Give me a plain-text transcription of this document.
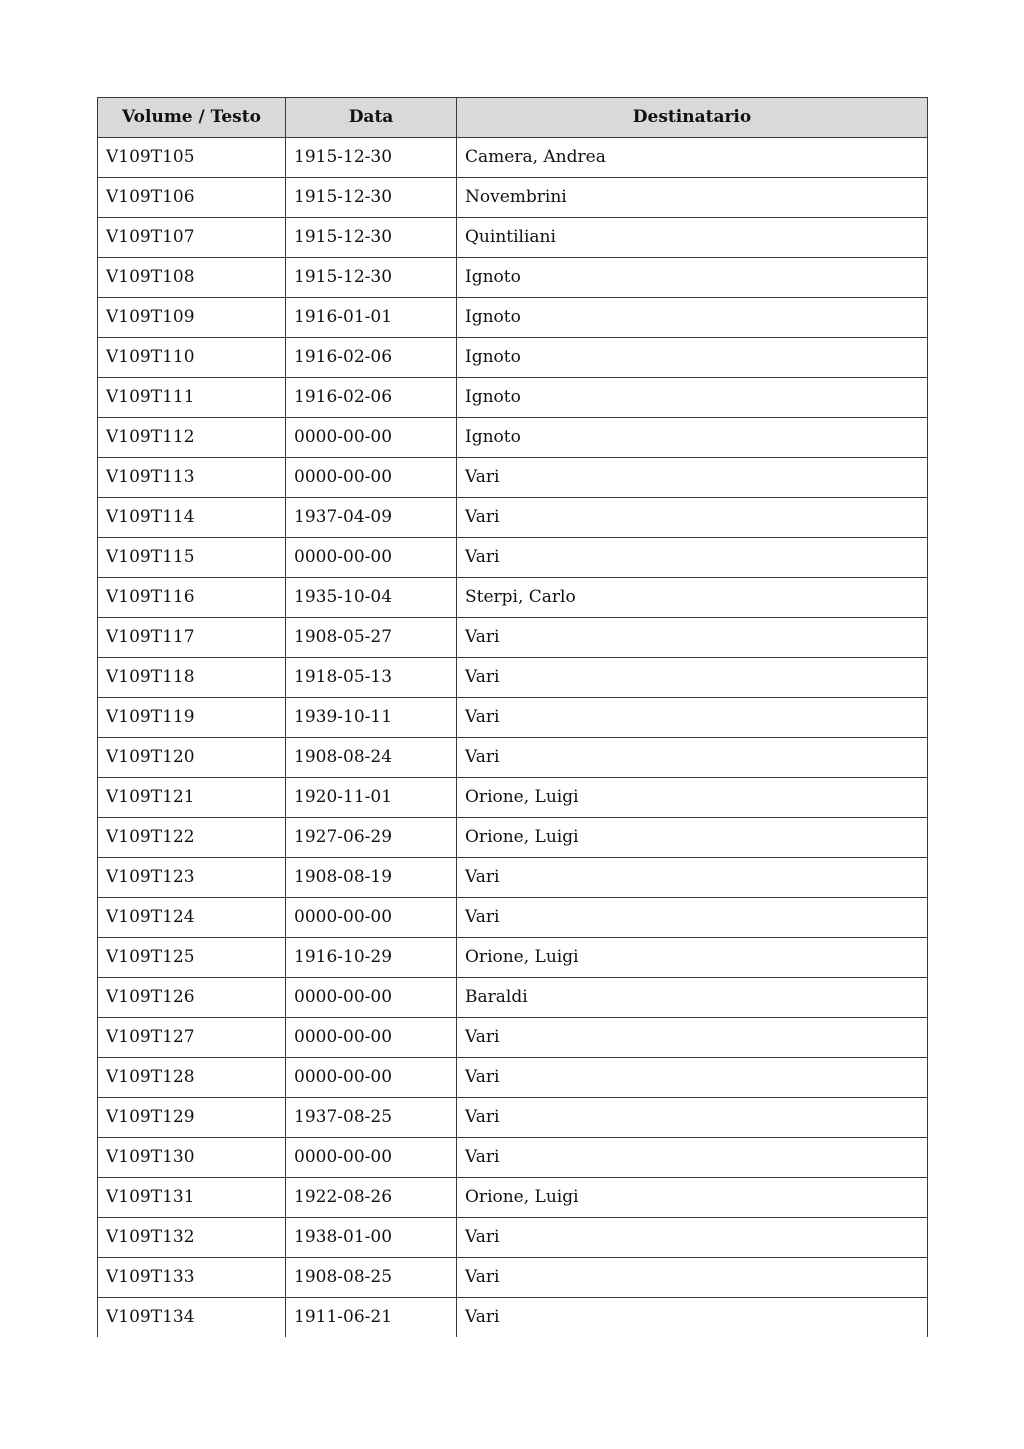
Volume / Testo	Data	Destinatario
V109T105	1915-12-30	Camera, Andrea
V109T106	1915-12-30	Novembrini
V109T107	1915-12-30	Quintiliani
V109T108	1915-12-30	Ignoto
V109T109	1916-01-01	Ignoto
V109T110	1916-02-06	Ignoto
V109T111	1916-02-06	Ignoto
V109T112	0000-00-00	Ignoto
V109T113	0000-00-00	Vari
V109T114	1937-04-09	Vari
V109T115	0000-00-00	Vari
V109T116	1935-10-04	Sterpi, Carlo
V109T117	1908-05-27	Vari
V109T118	1918-05-13	Vari
V109T119	1939-10-11	Vari
V109T120	1908-08-24	Vari
V109T121	1920-11-01	Orione, Luigi
V109T122	1927-06-29	Orione, Luigi
V109T123	1908-08-19	Vari
V109T124	0000-00-00	Vari
V109T125	1916-10-29	Orione, Luigi
V109T126	0000-00-00	Baraldi
V109T127	0000-00-00	Vari
V109T128	0000-00-00	Vari
V109T129	1937-08-25	Vari
V109T130	0000-00-00	Vari
V109T131	1922-08-26	Orione, Luigi
V109T132	1938-01-00	Vari
V109T133	1908-08-25	Vari
V109T134	1911-06-21	Vari
